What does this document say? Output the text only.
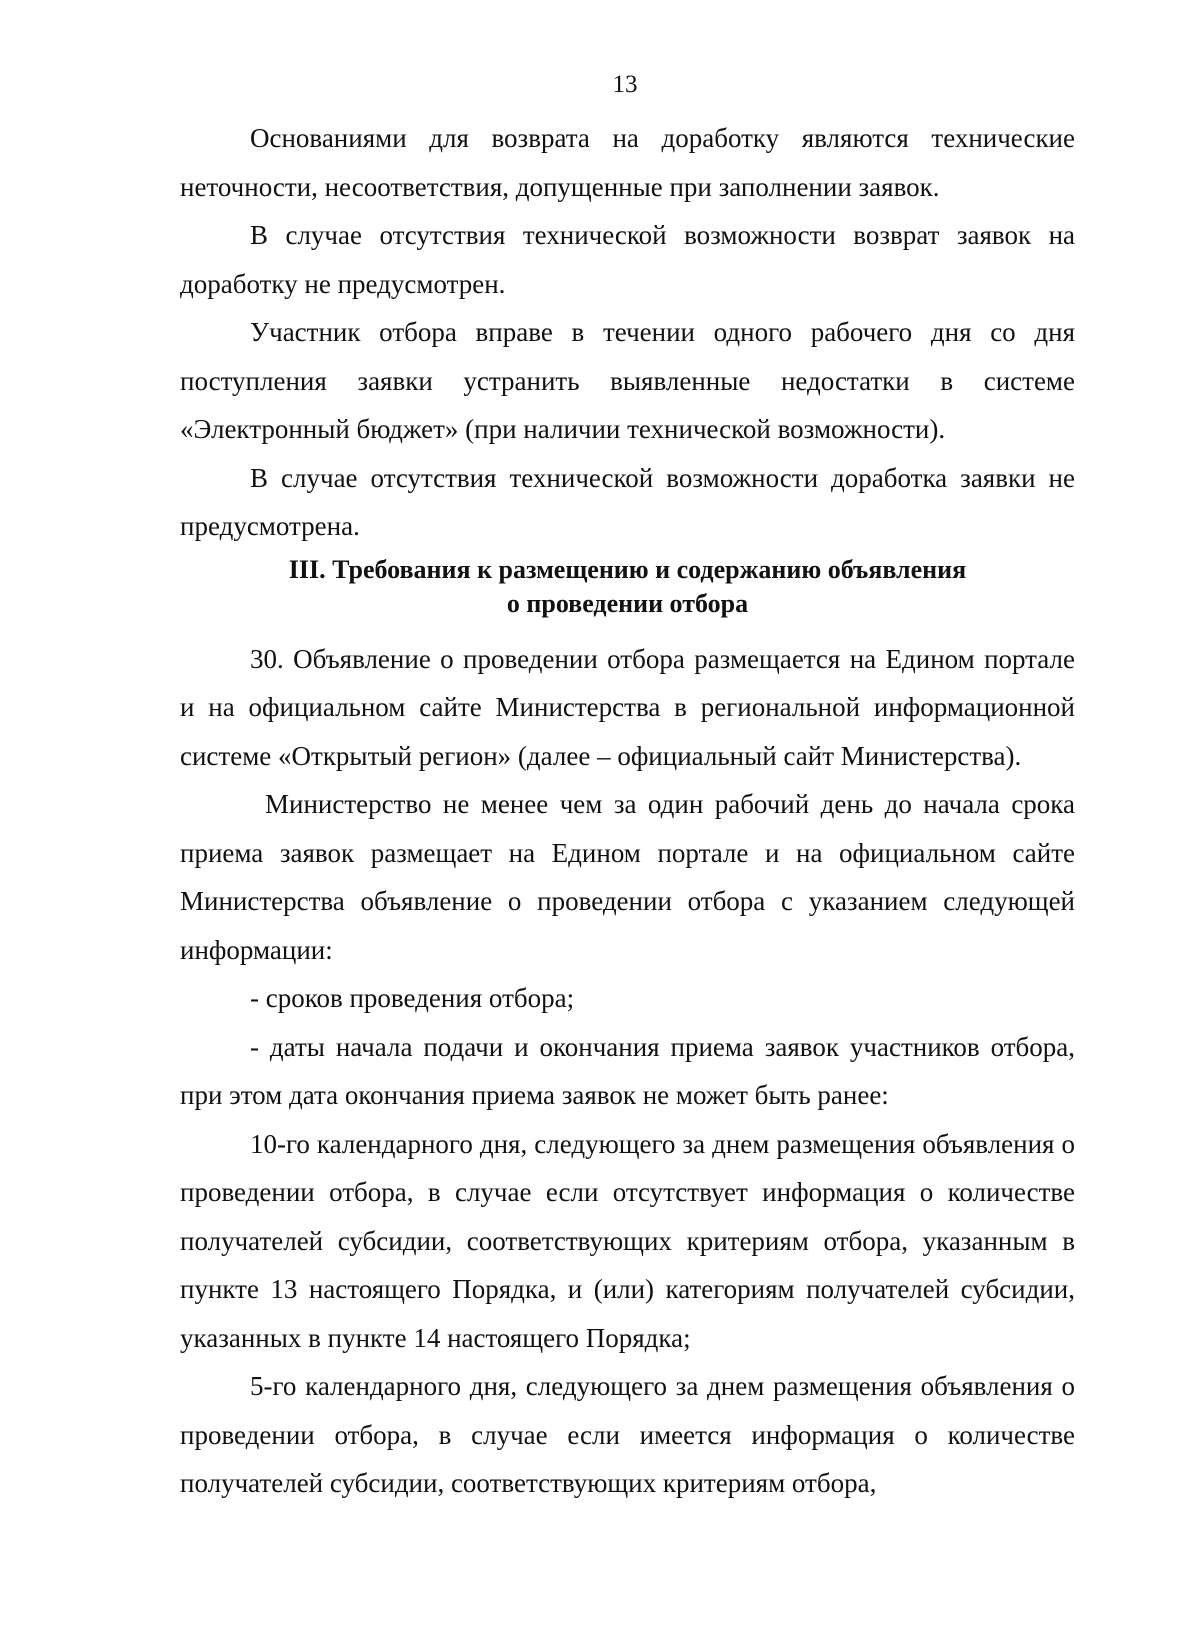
13

Основаниями для возврата на доработку являются технические неточности, несоответствия, допущенные при заполнении заявок.

В случае отсутствия технической возможности возврат заявок на доработку не предусмотрен.

Участник отбора вправе в течении одного рабочего дня со дня поступления заявки устранить выявленные недостатки в системе «Электронный бюджет» (при наличии технической возможности).

В случае отсутствия технической возможности доработка заявки не предусмотрена.

III. Требования к размещению и содержанию объявления
о проведении отбора

30. Объявление о проведении отбора размещается на Едином портале и на официальном сайте Министерства в региональной информационной системе «Открытый регион» (далее – официальный сайт Министерства).

Министерство не менее чем за один рабочий день до начала срока приема заявок размещает на Едином портале и на официальном сайте Министерства объявление о проведении отбора с указанием следующей информации:

- сроков проведения отбора;

- даты начала подачи и окончания приема заявок участников отбора, при этом дата окончания приема заявок не может быть ранее:

10-го календарного дня, следующего за днем размещения объявления о проведении отбора, в случае если отсутствует информация о количестве получателей субсидии, соответствующих критериям отбора, указанным в пункте 13 настоящего Порядка, и (или) категориям получателей субсидии, указанных в пункте 14 настоящего Порядка;

5-го календарного дня, следующего за днем размещения объявления о проведении отбора, в случае если имеется информация о количестве получателей субсидии, соответствующих критериям отбора,
